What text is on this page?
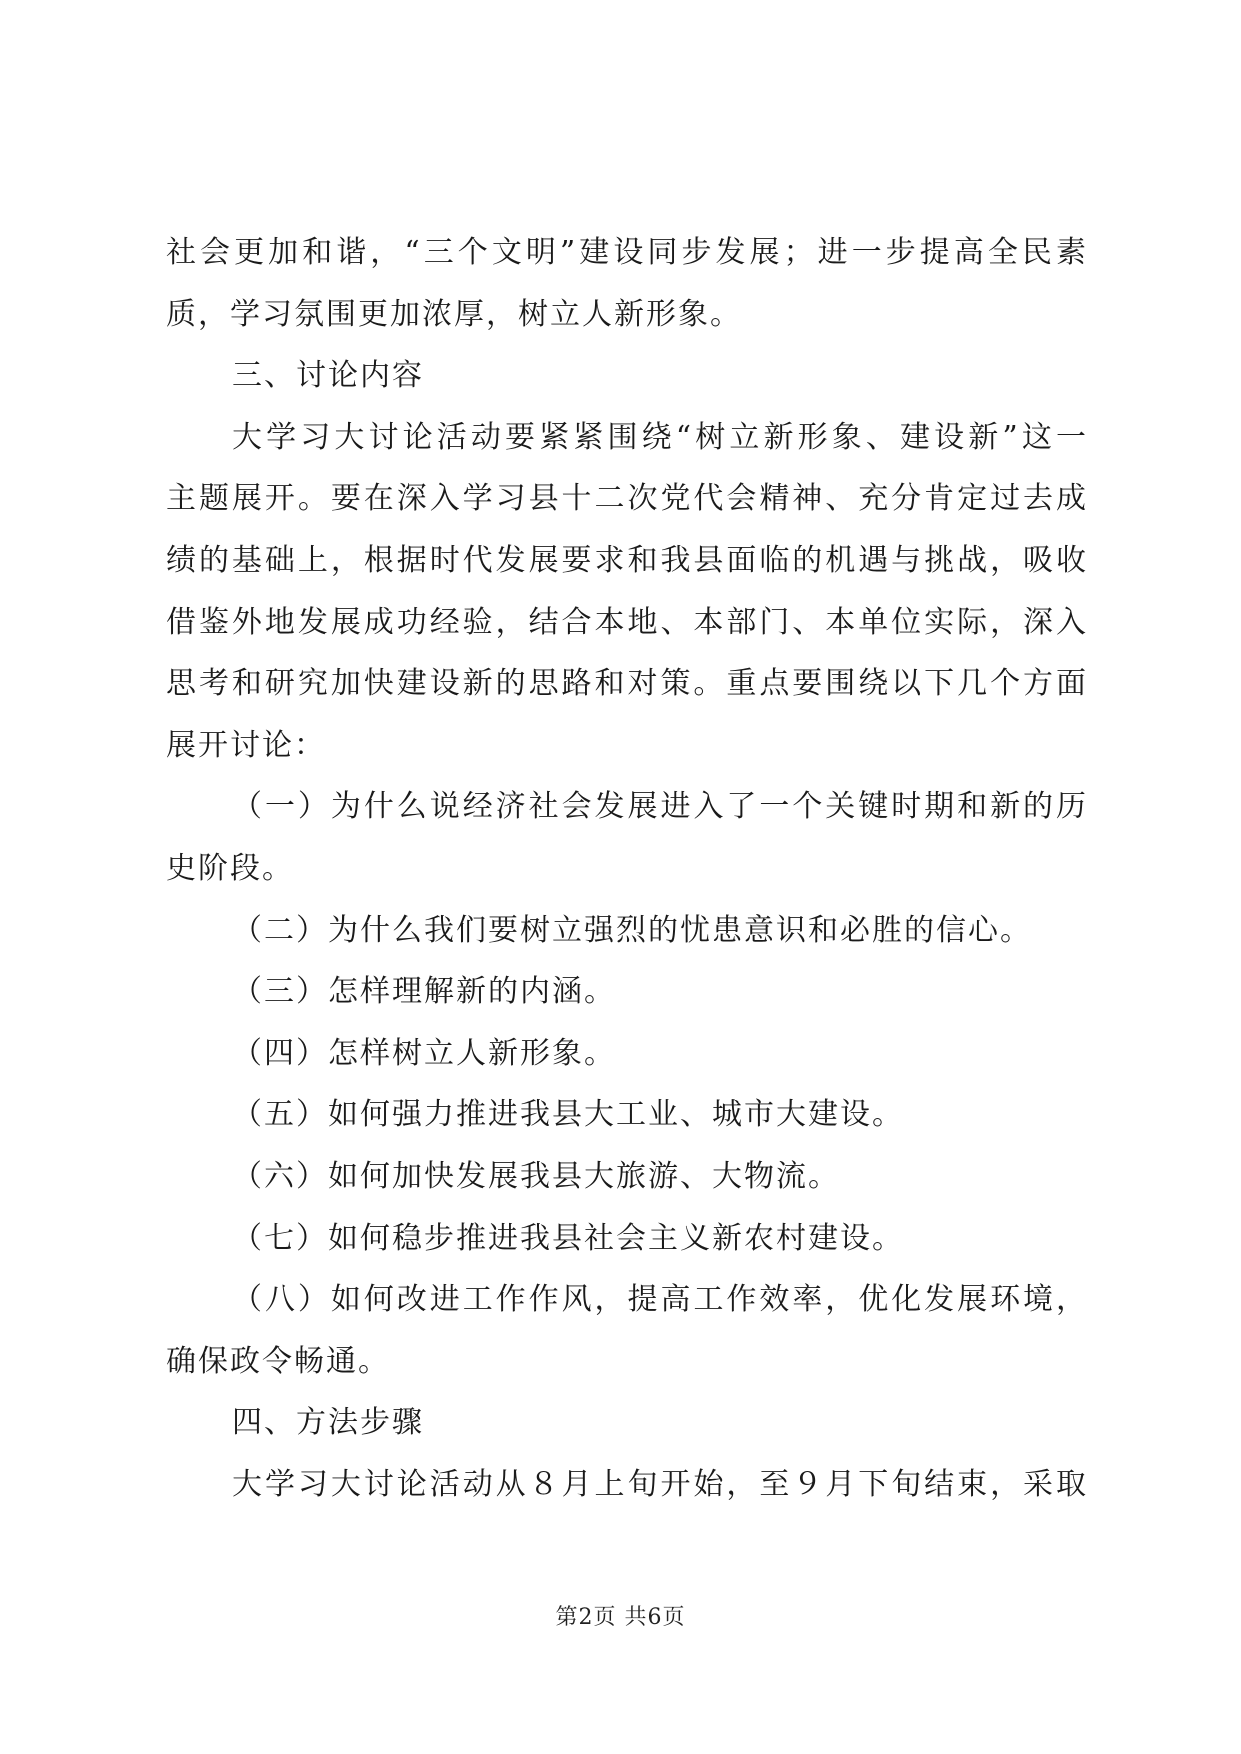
社会更加和谐，“三个文明”建设同步发展；进一步提高全民素
质，学习氛围更加浓厚，树立人新形象。
三、讨论内容
大学习大讨论活动要紧紧围绕“树立新形象、建设新”这一
主题展开。要在深入学习县十二次党代会精神、充分肯定过去成
绩的基础上，根据时代发展要求和我县面临的机遇与挑战，吸收
借鉴外地发展成功经验，结合本地、本部门、本单位实际，深入
思考和研究加快建设新的思路和对策。重点要围绕以下几个方面
展开讨论：
（一）为什么说经济社会发展进入了一个关键时期和新的历
史阶段。
（二）为什么我们要树立强烈的忧患意识和必胜的信心。
（三）怎样理解新的内涵。
（四）怎样树立人新形象。
（五）如何强力推进我县大工业、城市大建设。
（六）如何加快发展我县大旅游、大物流。
（七）如何稳步推进我县社会主义新农村建设。
（八）如何改进工作作风，提高工作效率，优化发展环境，
确保政令畅通。
四、方法步骤
大学习大讨论活动从８月上旬开始，至９月下旬结束，采取
第2页 共6页
